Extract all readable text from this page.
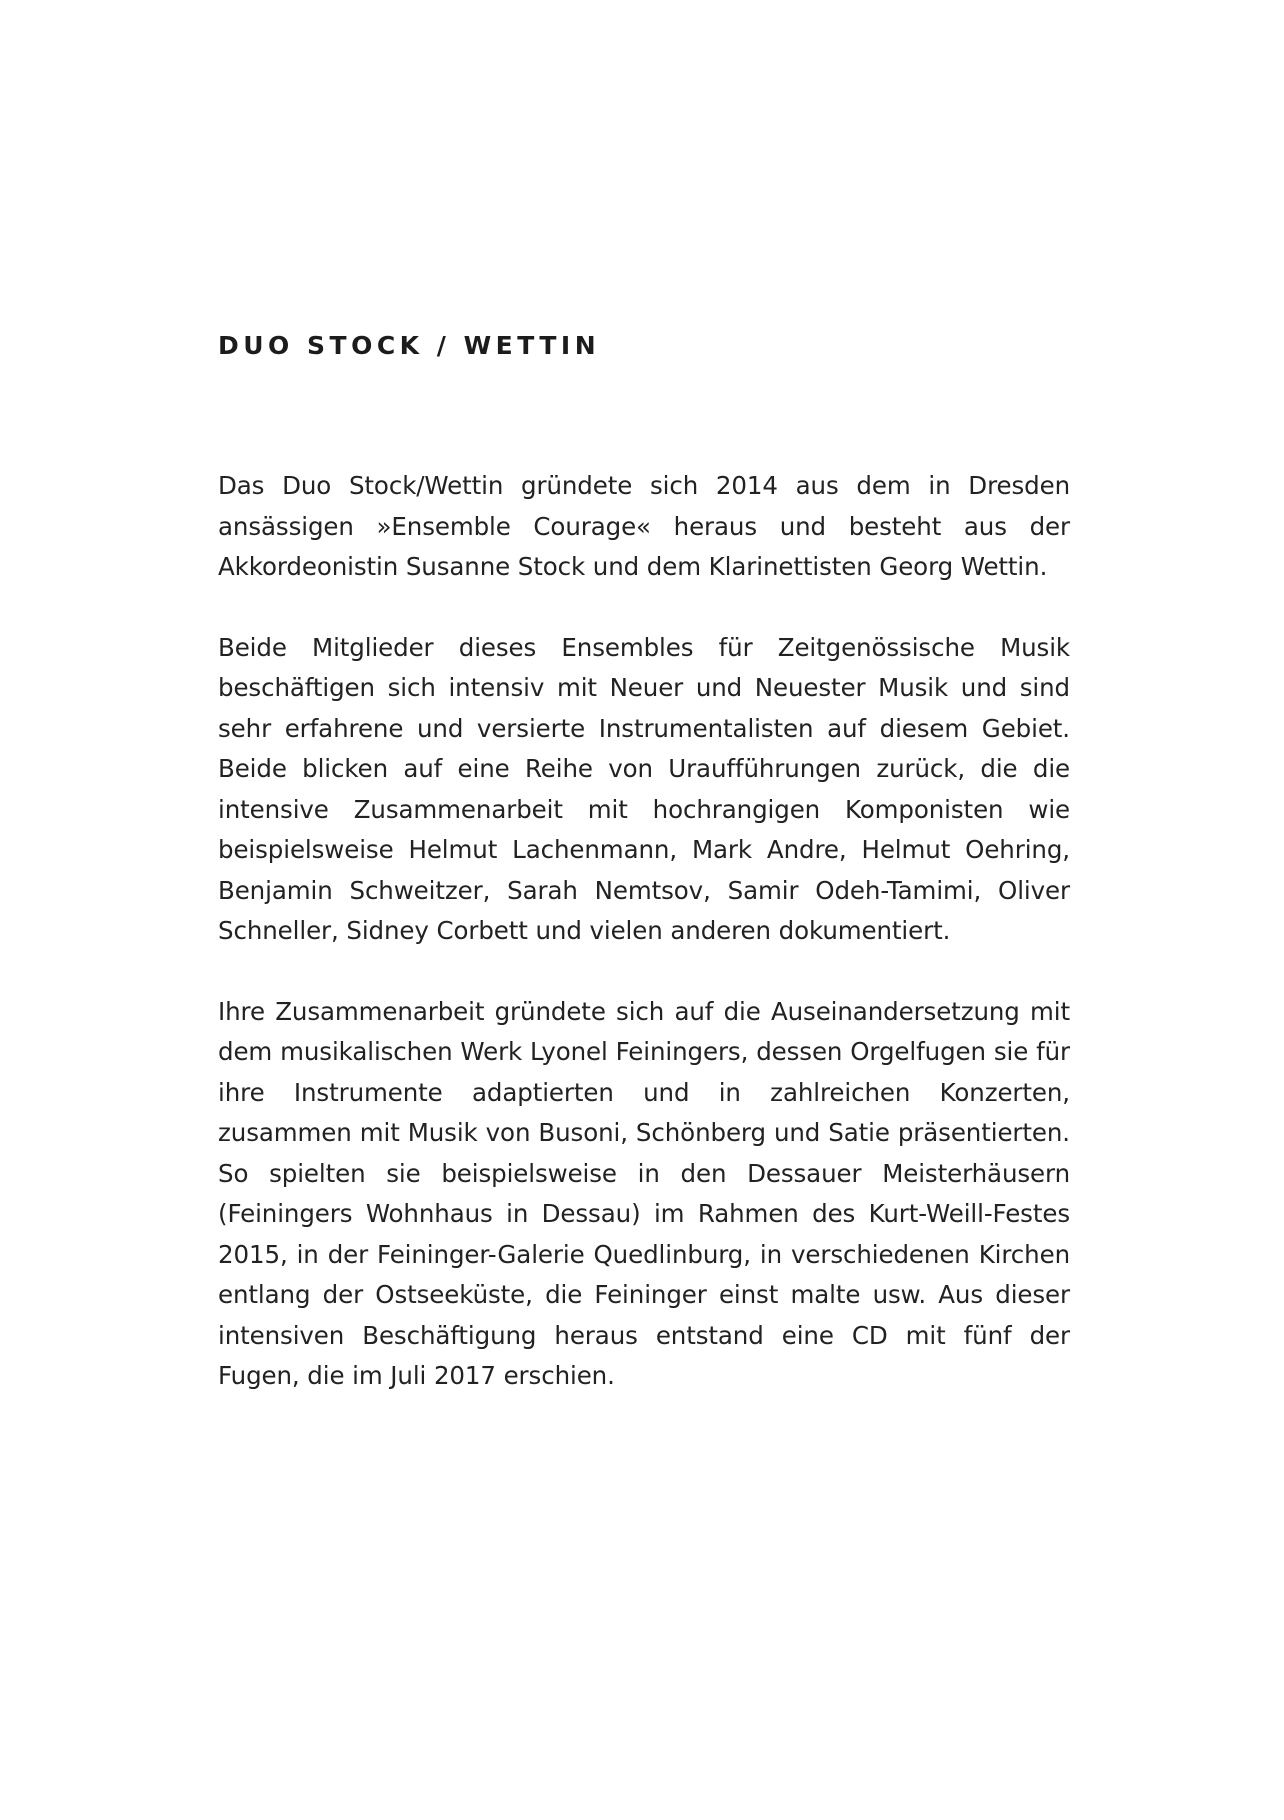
DUO STOCK / WETTIN

Das Duo Stock/Wettin gründete sich 2014 aus dem in Dresden ansässigen »Ensemble Courage« heraus und besteht aus der Akkordeonistin Susanne Stock und dem Klarinettisten Georg Wettin.

Beide Mitglieder dieses Ensembles für Zeitgenössische Musik beschäftigen sich intensiv mit Neuer und Neuester Musik und sind sehr erfahrene und versierte Instrumentalisten auf diesem Gebiet. Beide blicken auf eine Reihe von Uraufführungen zurück, die die intensive Zusammenarbeit mit hochrangigen Komponisten wie beispielsweise Helmut Lachenmann, Mark Andre, Helmut Oehring, Benjamin Schweitzer, Sarah Nemtsov, Samir Odeh-Tamimi, Oliver Schneller, Sidney Corbett und vielen anderen dokumentiert.

Ihre Zusammenarbeit gründete sich auf die Auseinandersetzung mit dem musikalischen Werk Lyonel Feiningers, dessen Orgelfugen sie für ihre Instrumente adaptierten und in zahlreichen Konzerten, zusammen mit Musik von Busoni, Schönberg und Satie präsentierten. So spielten sie beispielsweise in den Dessauer Meisterhäusern (Feiningers Wohnhaus in Dessau) im Rahmen des Kurt-Weill-Festes 2015, in der Feininger-Galerie Quedlinburg, in verschiedenen Kirchen entlang der Ostseeküste, die Feininger einst malte usw. Aus dieser intensiven Beschäftigung heraus entstand eine CD mit fünf der Fugen, die im Juli 2017 erschien.
